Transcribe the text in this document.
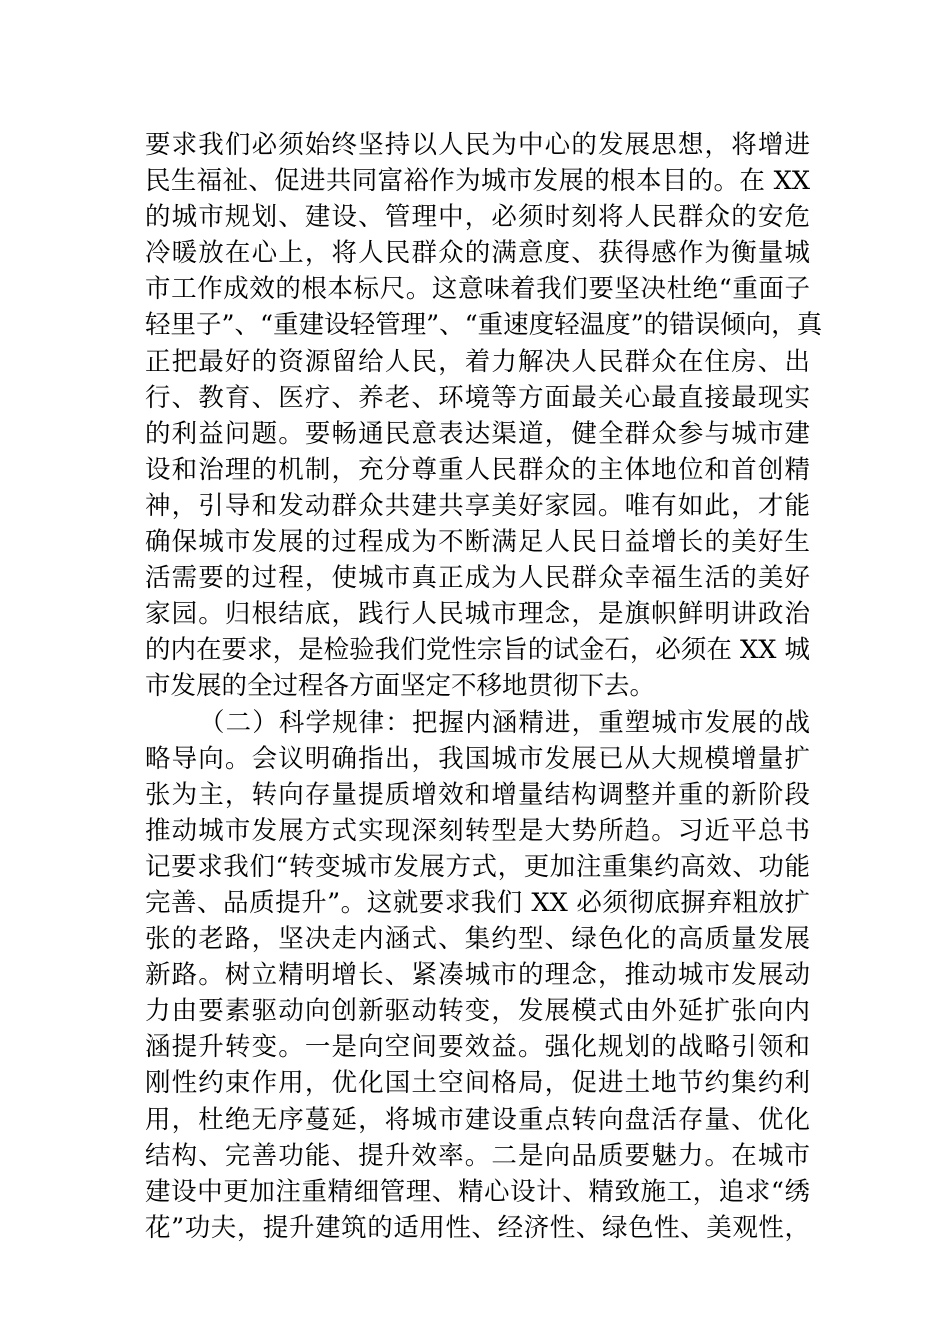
要求我们必须始终坚持以人民为中心的发展思想，将增进
民生福祉、促进共同富裕作为城市发展的根本目的。在 XX
的城市规划、建设、管理中，必须时刻将人民群众的安危
冷暖放在心上，将人民群众的满意度、获得感作为衡量城
市工作成效的根本标尺。这意味着我们要坚决杜绝“重面子
轻里子”、“重建设轻管理”、“重速度轻温度”的错误倾向，真
正把最好的资源留给人民，着力解决人民群众在住房、出
行、教育、医疗、养老、环境等方面最关心最直接最现实
的利益问题。要畅通民意表达渠道，健全群众参与城市建
设和治理的机制，充分尊重人民群众的主体地位和首创精
神，引导和发动群众共建共享美好家园。唯有如此，才能
确保城市发展的过程成为不断满足人民日益增长的美好生
活需要的过程，使城市真正成为人民群众幸福生活的美好
家园。归根结底，践行人民城市理念，是旗帜鲜明讲政治
的内在要求，是检验我们党性宗旨的试金石，必须在 XX 城
市发展的全过程各方面坚定不移地贯彻下去。
（二）科学规律：把握内涵精进，重塑城市发展的战
略导向。会议明确指出，我国城市发展已从大规模增量扩
张为主，转向存量提质增效和增量结构调整并重的新阶段
推动城市发展方式实现深刻转型是大势所趋。习近平总书
记要求我们“转变城市发展方式，更加注重集约高效、功能
完善、品质提升”。这就要求我们 XX 必须彻底摒弃粗放扩
张的老路，坚决走内涵式、集约型、绿色化的高质量发展
新路。树立精明增长、紧凑城市的理念，推动城市发展动
力由要素驱动向创新驱动转变，发展模式由外延扩张向内
涵提升转变。一是向空间要效益。强化规划的战略引领和
刚性约束作用，优化国土空间格局，促进土地节约集约利
用，杜绝无序蔓延，将城市建设重点转向盘活存量、优化
结构、完善功能、提升效率。二是向品质要魅力。在城市
建设中更加注重精细管理、精心设计、精致施工，追求“绣
花”功夫，提升建筑的适用性、经济性、绿色性、美观性，
